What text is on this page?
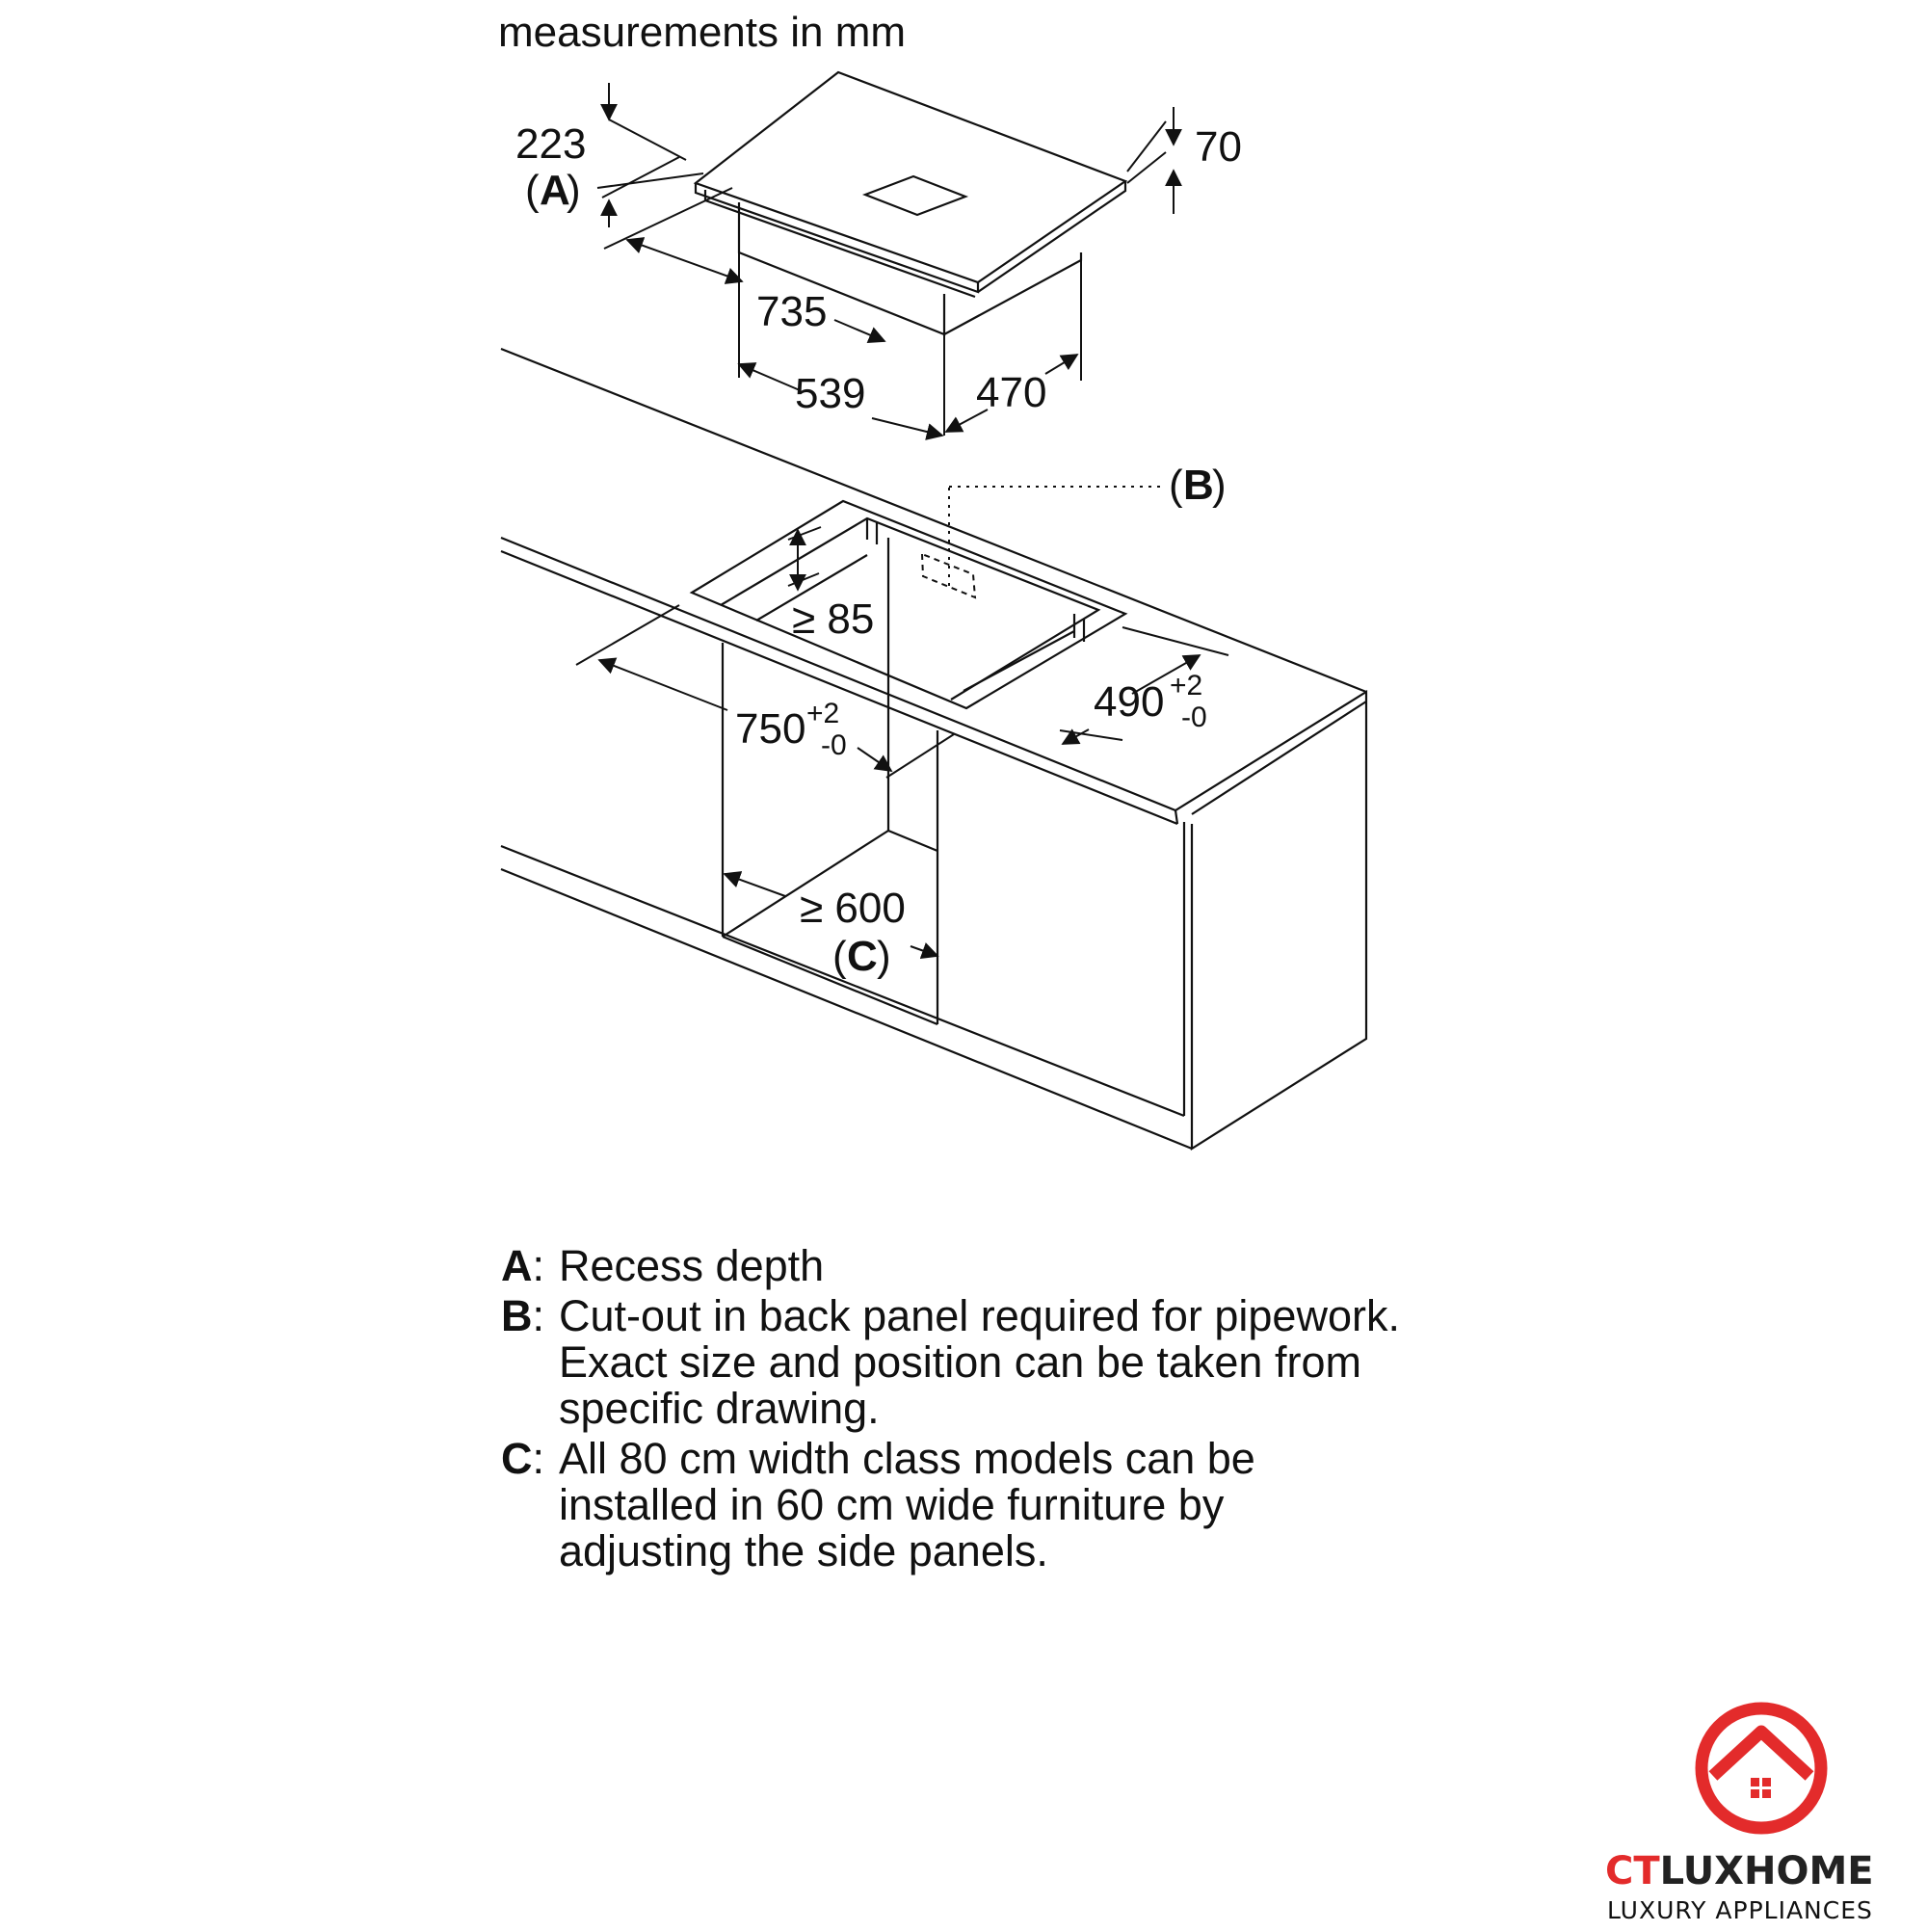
measurements in mm
223	70
735
539	470
( A
)
( B
)
≥ 85
750 +2
-0
490 +2
-0
≥ 600
( C )
A: Recess depth
B: Cut-out in back panel required for pipework.
Exact size and position can be taken from
specific drawing.
C: All 80 cm width class models can be
installed in 60 cm wide furniture by
adjusting the side panels.
CTLUXHOME
LUXURY APPLIANCES
